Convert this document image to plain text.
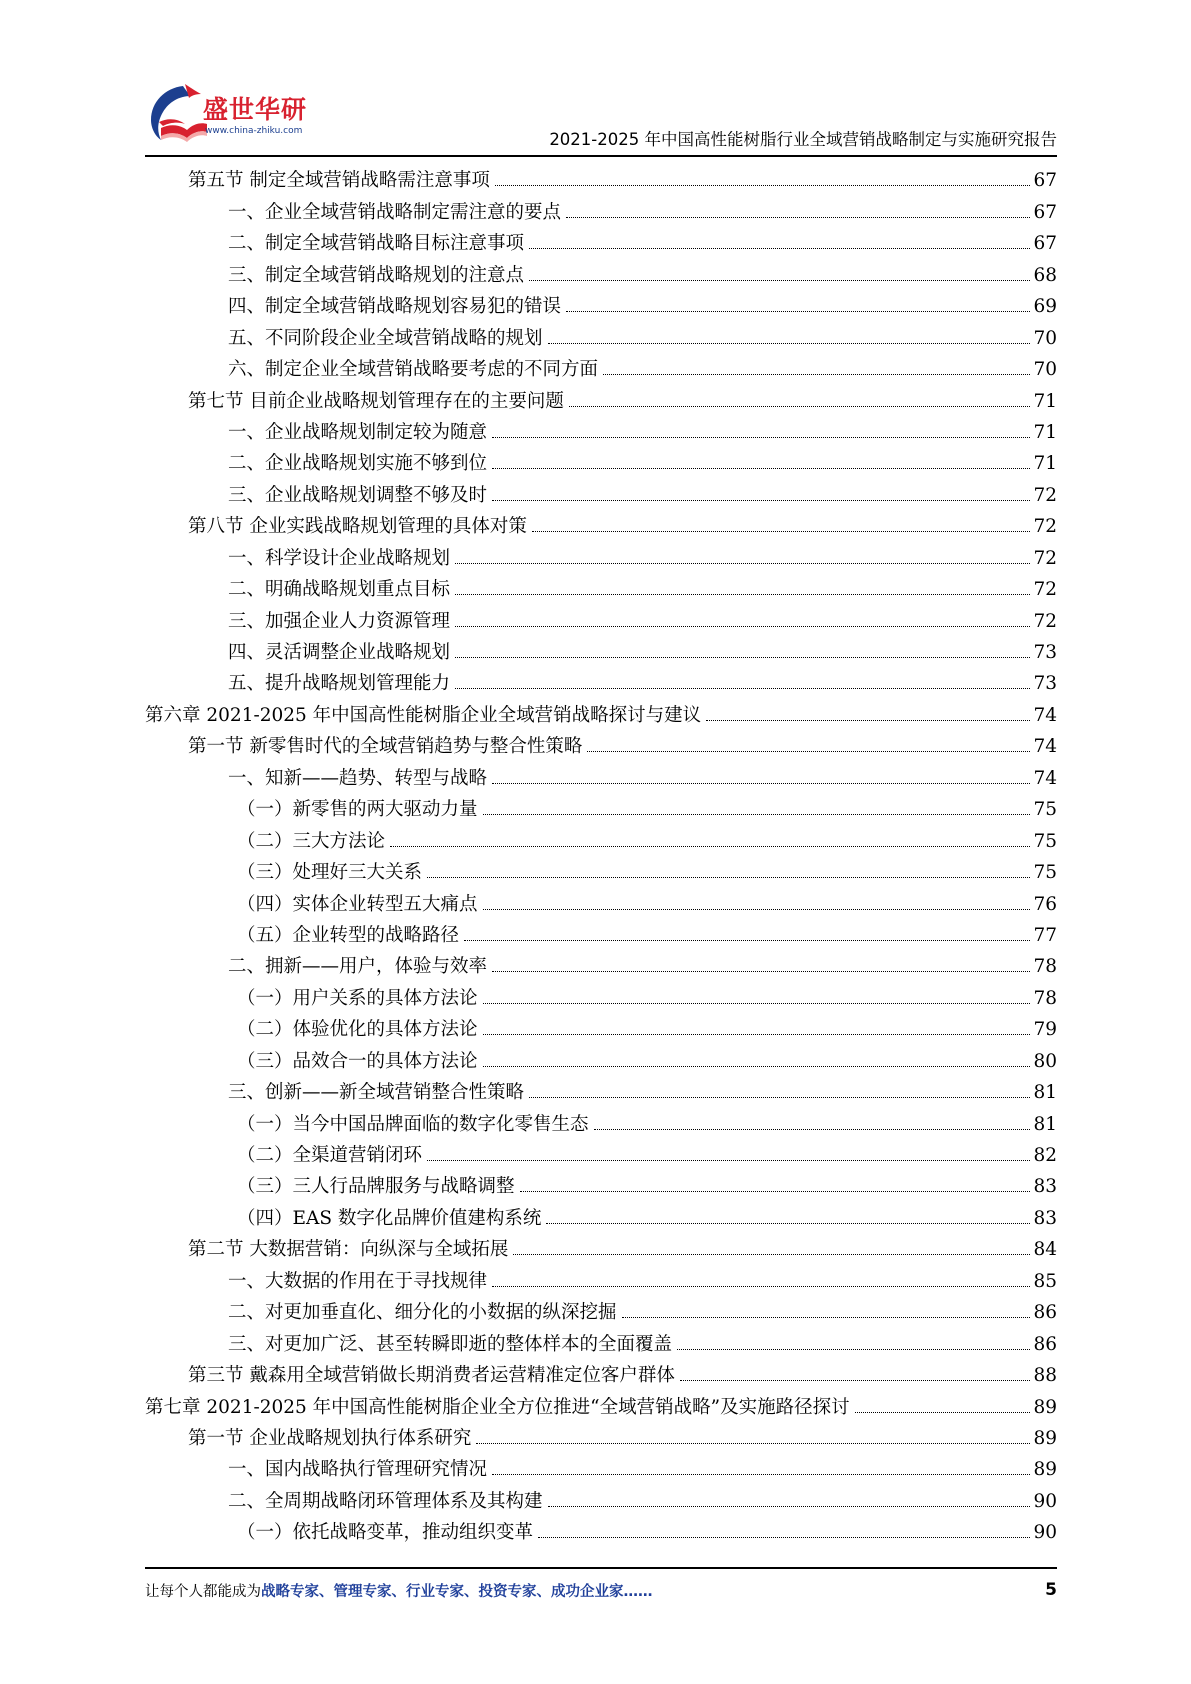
盛世华研
www.china-zhiku.com	2021-2025 年中国高性能树脂行业全域营销战略制定与实施研究报告
第五节 制定全域营销战略需注意事项	67
一、企业全域营销战略制定需注意的要点	67
二、制定全域营销战略目标注意事项	67
三、制定全域营销战略规划的注意点	68
四、制定全域营销战略规划容易犯的错误	69
五、不同阶段企业全域营销战略的规划	70
六、制定企业全域营销战略要考虑的不同方面	70
第七节 目前企业战略规划管理存在的主要问题	71
一、企业战略规划制定较为随意	71
二、企业战略规划实施不够到位	71
三、企业战略规划调整不够及时	72
第八节 企业实践战略规划管理的具体对策	72
一、科学设计企业战略规划	72
二、明确战略规划重点目标	72
三、加强企业人力资源管理	72
四、灵活调整企业战略规划	73
五、提升战略规划管理能力	73
第六章 2021-2025 年中国高性能树脂企业全域营销战略探讨与建议	74
第一节 新零售时代的全域营销趋势与整合性策略	74
一、知新——趋势、转型与战略	74
（一）新零售的两大驱动力量	75
（二）三大方法论	75
（三）处理好三大关系	75
（四）实体企业转型五大痛点	76
（五）企业转型的战略路径	77
二、拥新——用户，体验与效率	78
（一）用户关系的具体方法论	78
（二）体验优化的具体方法论	79
（三）品效合一的具体方法论	80
三、创新——新全域营销整合性策略	81
（一）当今中国品牌面临的数字化零售生态	81
（二）全渠道营销闭环	82
（三）三人行品牌服务与战略调整	83
（四）EAS 数字化品牌价值建构系统	83
第二节 大数据营销：向纵深与全域拓展	84
一、大数据的作用在于寻找规律	85
二、对更加垂直化、细分化的小数据的纵深挖掘	86
三、对更加广泛、甚至转瞬即逝的整体样本的全面覆盖	86
第三节 戴森用全域营销做长期消费者运营精准定位客户群体	88
第七章 2021-2025 年中国高性能树脂企业全方位推进“全域营销战略”及实施路径探讨	89
第一节 企业战略规划执行体系研究	89
一、国内战略执行管理研究情况	89
二、全周期战略闭环管理体系及其构建	90
（一）依托战略变革，推动组织变革	90
让每个人都能成为战略专家、管理专家、行业专家、投资专家、成功企业家……	5
